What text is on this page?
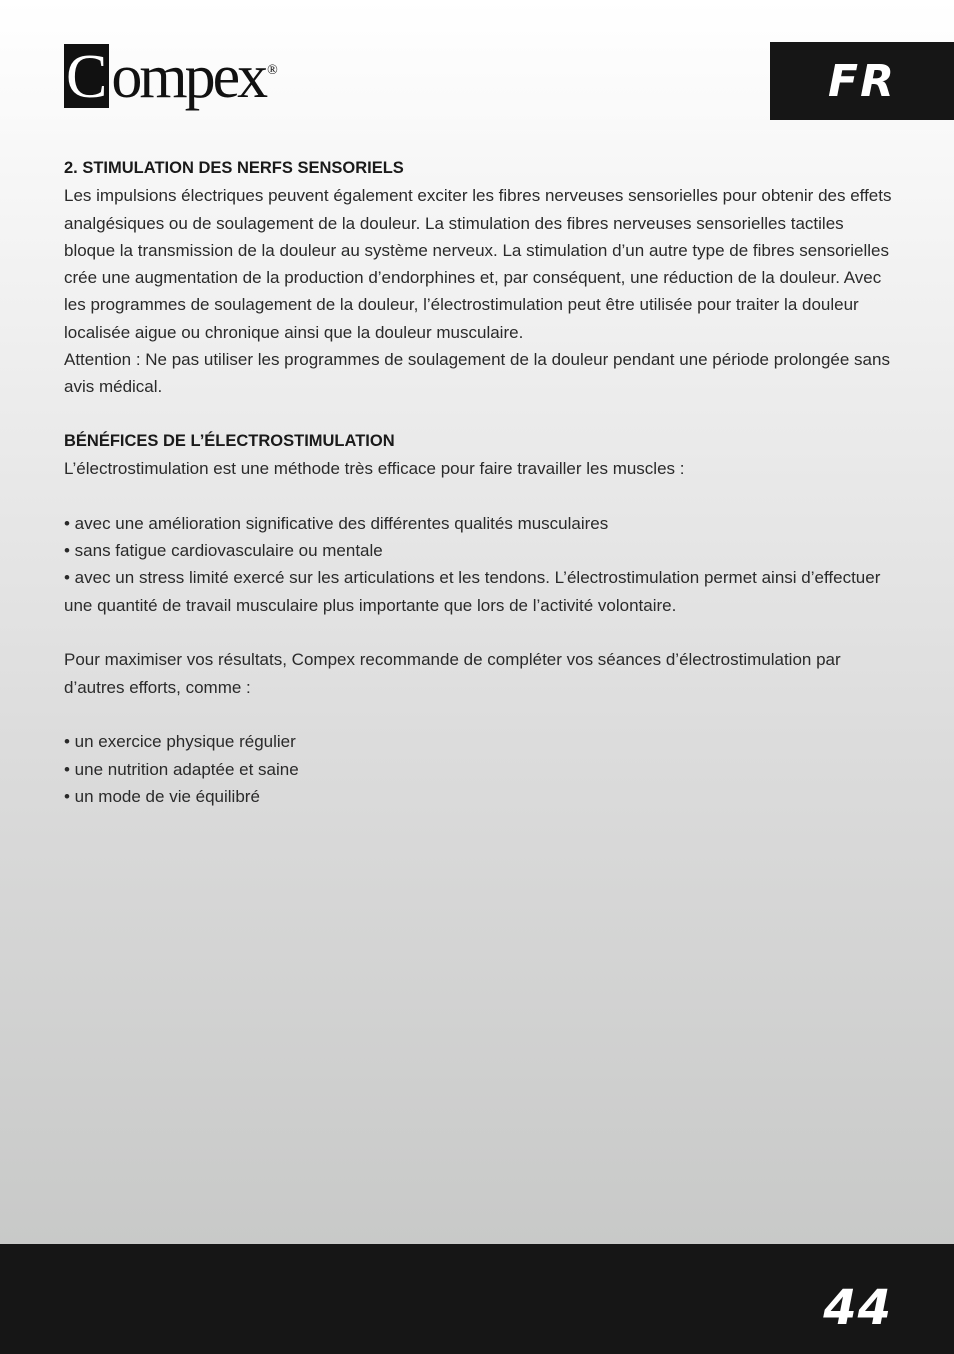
Compex ®	FR

2. STIMULATION DES NERFS SENSORIELS

Les impulsions électriques peuvent également exciter les fibres nerveuses sensorielles pour obtenir des effets analgésiques ou de soulagement de la douleur. La stimulation des fibres nerveuses sensorielles tactiles bloque la transmission de la douleur au système nerveux. La stimulation d’un autre type de fibres sensorielles crée une augmentation de la production d’endorphines et, par conséquent, une réduction de la douleur. Avec les programmes de soulagement de la douleur, l’électrostimulation peut être utilisée pour traiter la douleur localisée aigue ou chronique ainsi que la douleur musculaire.

Attention : Ne pas utiliser les programmes de soulagement de la douleur pendant une période prolongée sans avis médical.

BÉNÉFICES DE L’ÉLECTROSTIMULATION

L’électrostimulation est une méthode très efficace pour faire travailler les muscles :

• avec une amélioration significative des différentes qualités musculaires

• sans fatigue cardiovasculaire ou mentale

• avec un stress limité exercé sur les articulations et les tendons. L’électrostimulation permet ainsi d’effectuer une quantité de travail musculaire plus importante que lors de l’activité volontaire.

Pour maximiser vos résultats, Compex recommande de compléter vos séances d’électrostimulation par d’autres efforts, comme :

• un exercice physique régulier

• une nutrition adaptée et saine

• un mode de vie équilibré

44
